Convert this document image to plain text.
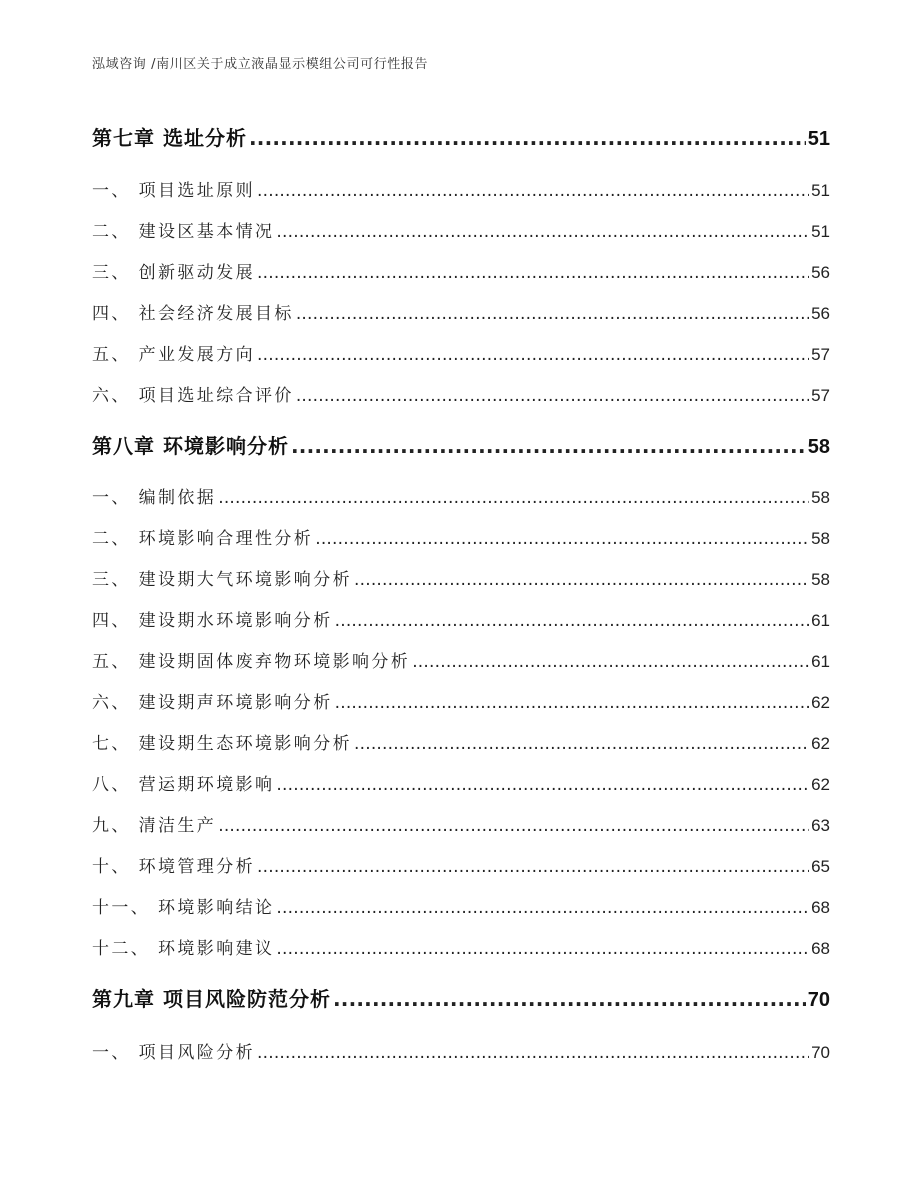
泓域咨询 /南川区关于成立液晶显示模组公司可行性报告
第七章 选址分析 .....	51
一、 项目选址原则 .....	51
二、 建设区基本情况 .....	51
三、 创新驱动发展 .....	56
四、 社会经济发展目标 .....	56
五、 产业发展方向 .....	57
六、 项目选址综合评价 .....	57
第八章 环境影响分析 .....	58
一、 编制依据 .....	58
二、 环境影响合理性分析 .....	58
三、 建设期大气环境影响分析 .....	58
四、 建设期水环境影响分析 .....	61
五、 建设期固体废弃物环境影响分析 .....	61
六、 建设期声环境影响分析 .....	62
七、 建设期生态环境影响分析 .....	62
八、 营运期环境影响 .....	62
九、 清洁生产 .....	63
十、 环境管理分析 .....	65
十一、 环境影响结论 .....	68
十二、 环境影响建议 .....	68
第九章 项目风险防范分析 .....	70
一、 项目风险分析 .....	70
